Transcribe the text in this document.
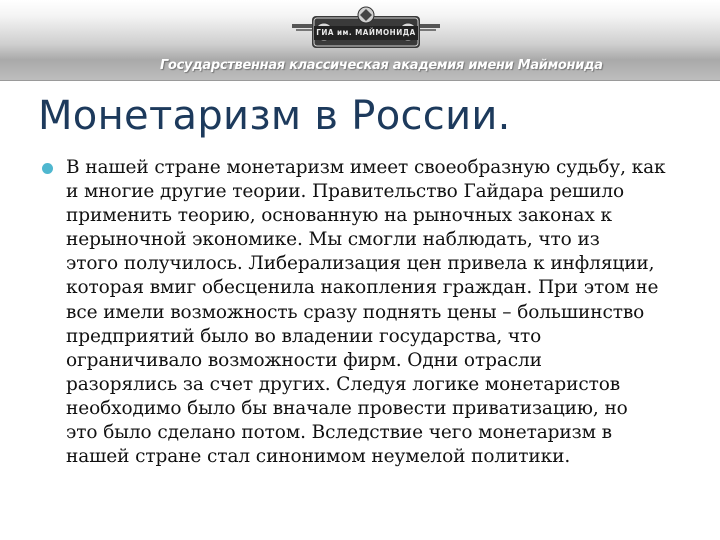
ГИА им. МАЙМОНИДА
Государственная классическая академия имени Маймонида
Монетаризм в России.

В нашей стране монетаризм имеет своеобразную судьбу, как
и многие другие теории. Правительство Гайдара решило
применить теорию, основанную на рыночных законах к
нерыночной экономике. Мы смогли наблюдать, что из
этого получилось. Либерализация цен привела к инфляции,
которая вмиг обесценила накопления граждан. При этом не
все имели возможность сразу поднять цены – большинство
предприятий было во владении государства, что
ограничивало возможности фирм. Одни отрасли
разорялись за счет других. Следуя логике монетаристов
необходимо было бы вначале провести приватизацию, но
это было сделано потом. Вследствие чего монетаризм в
нашей стране стал синонимом неумелой политики.
